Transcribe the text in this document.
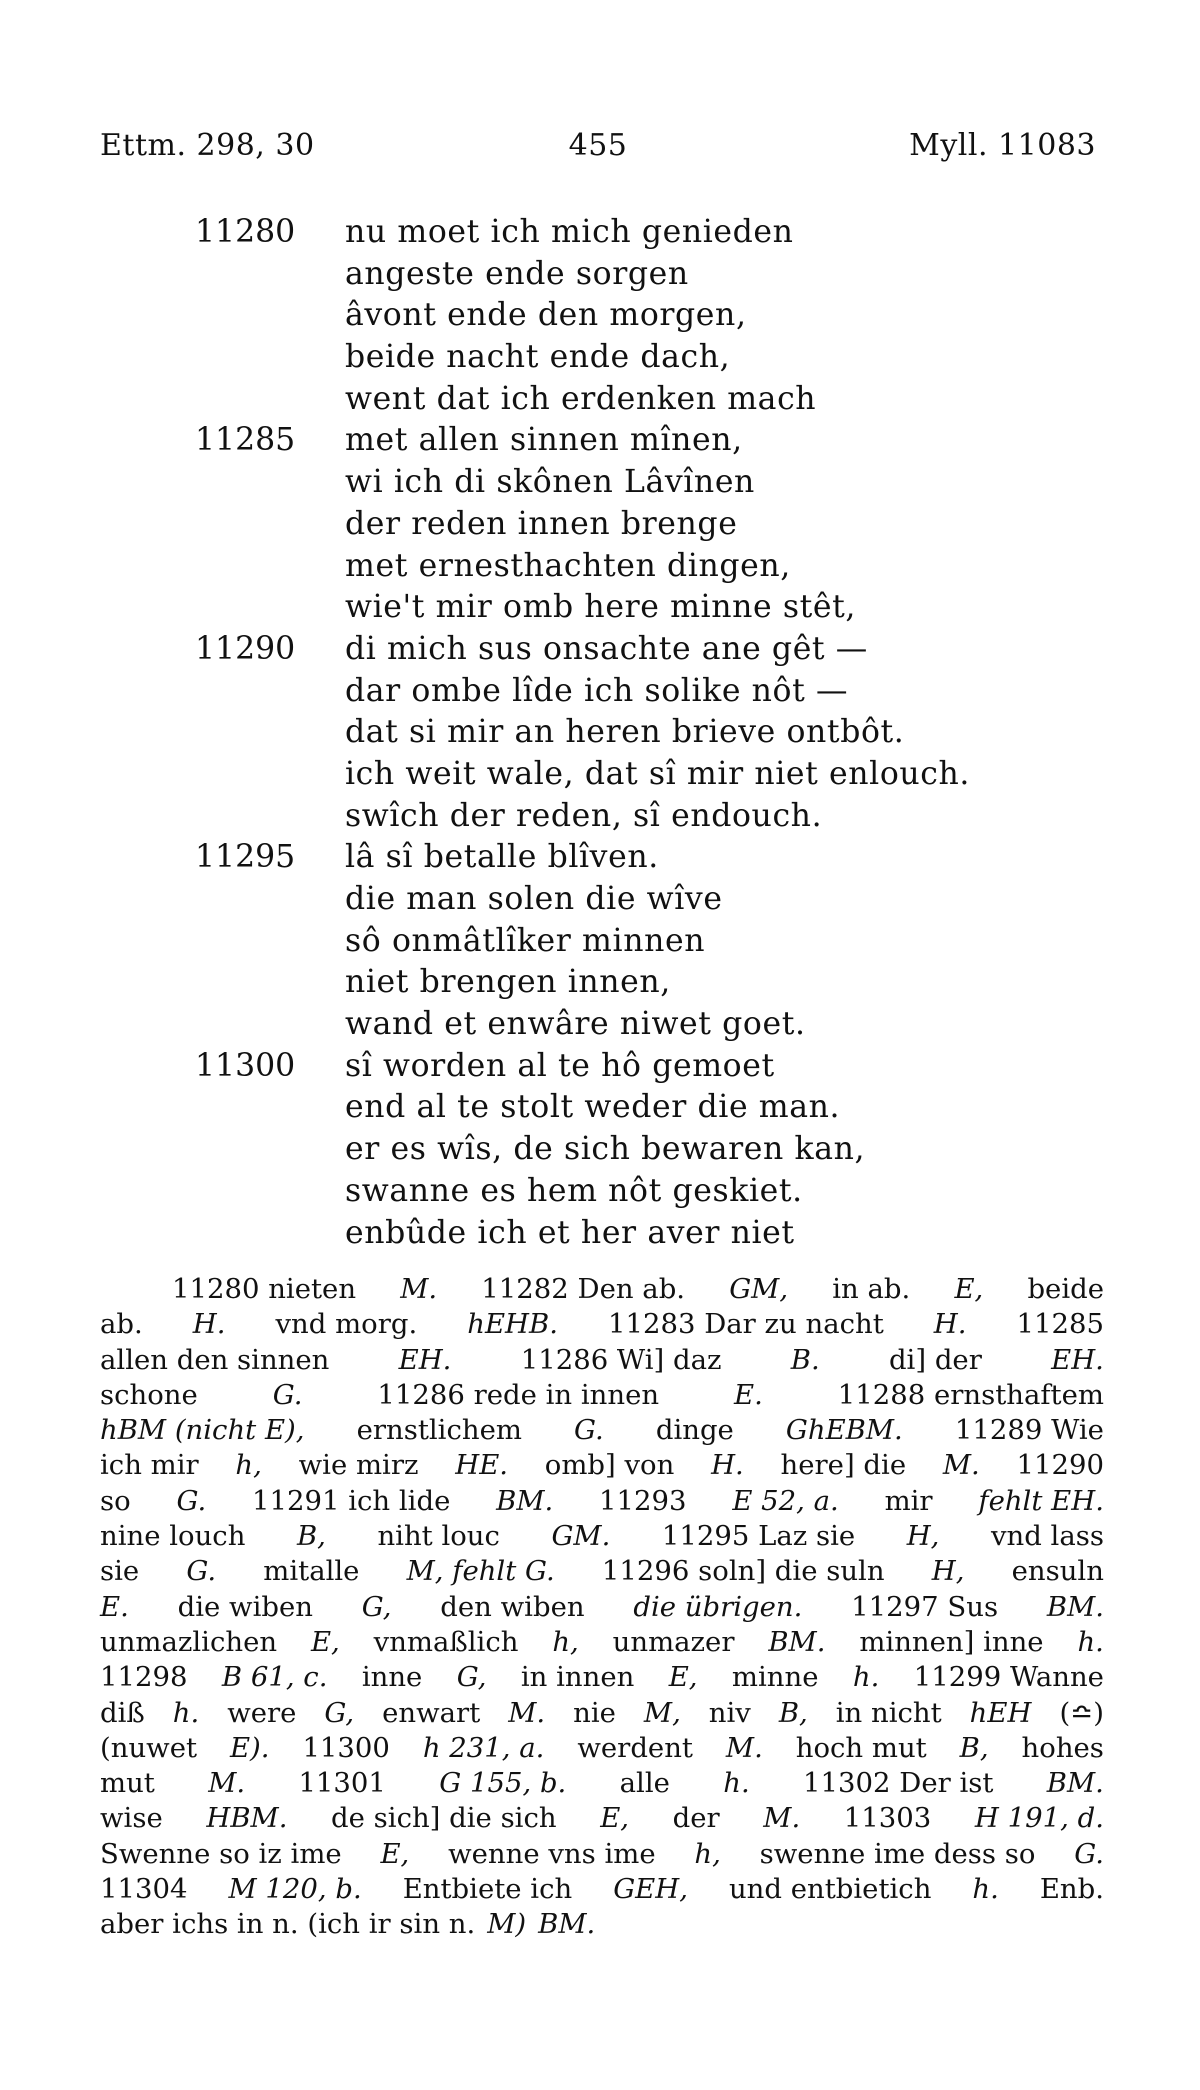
Ettm. 298, 30	455	Myll. 11083
11280	nu moet ich mich genieden
angeste ende sorgen
âvont ende den morgen,
beide nacht ende dach,
went dat ich erdenken mach
11285	met allen sinnen mînen,
wi ich di skônen Lâvînen
der reden innen brenge
met ernesthachten dingen,
wie't mir omb here minne stêt,
11290	di mich sus onsachte ane gêt —
dar ombe lîde ich solike nôt —
dat si mir an heren brieve ontbôt.
ich weit wale, dat sî mir niet enlouch.
swîch der reden, sî endouch.
11295	lâ sî betalle blîven.
die man solen die wîve
sô onmâtlîker minnen
niet brengen innen,
wand et enwâre niwet goet.
11300	sî worden al te hô gemoet
end al te stolt weder die man.
er es wîs, de sich bewaren kan,
swanne es hem nôt geskiet.
enbûde ich et her aver niet
11280 nieten M. 11282 Den ab. GM, in ab. E, beide
ab. H. vnd morg. hEHB. 11283 Dar zu nacht H. 11285
allen den sinnen	EH.	11286 Wi] daz	B.	di] der	EH.
schone	G.	11286 rede in innen	E.	11288 ernsthaftem
hBM (nicht E), ernstlichem G. dinge GhEBM. 11289 Wie
ich mir h, wie mirz HE. omb] von H. here] die M. 11290
so G. 11291 ich lide BM. 11293 E 52, a. mir fehlt EH.
nine louch B, niht louc GM. 11295 Laz sie H, vnd lass
sie G. mitalle M, fehlt G. 11296 soln] die suln H, ensuln
E. die wiben G, den wiben die übrigen. 11297 Sus BM.
unmazlichen E, vnmaßlich h, unmazer BM. minnen] inne h.
11298 B 61, c. inne G, in innen E, minne h. 11299 Wanne
diß h. were G, enwart M. nie M, niv B, in nicht hEH (≏)
(nuwet E). 11300 h 231, a. werdent M. hoch mut B, hohes
mut M. 11301 G 155, b. alle h. 11302 Der ist BM.
wise HBM. de sich] die sich E, der M. 11303 H 191, d.
Swenne so iz ime E, wenne vns ime h, swenne ime dess so G.
11304 M 120, b. Entbiete ich GEH, und entbietich h. Enb.
aber ichs in n. (ich ir sin n. M) BM.
